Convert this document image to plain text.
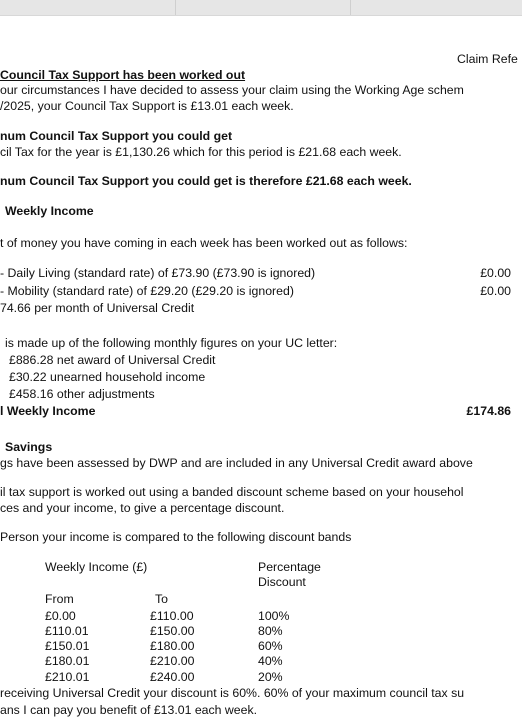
Claim Refe
Council Tax Support has been worked out
our circumstances I have decided to assess your claim using the Working Age schem
/2025, your Council Tax Support is £13.01 each week.
num Council Tax Support you could get
cil Tax for the year is £1,130.26 which for this period is £21.68 each week.
num Council Tax Support you could get is therefore £21.68 each week.
Weekly Income
t of money you have coming in each week has been worked out as follows:
- Daily Living (standard rate) of £73.90 (£73.90 is ignored)	£0.00
- Mobility (standard rate) of £29.20 (£29.20 is ignored)	£0.00
74.66 per month of Universal Credit
is made up of the following monthly figures on your UC letter:
£886.28 net award of Universal Credit
£30.22 unearned household income
£458.16 other adjustments
l Weekly Income	£174.86
Savings
gs have been assessed by DWP and are included in any Universal Credit award above
il tax support is worked out using a banded discount scheme based on your househol
ces and your income, to give a percentage discount.
Person your income is compared to the following discount bands
Weekly Income (£)	Percentage
Discount
From	To
£0.00	£110.00	100%
£110.01	£150.00	80%
£150.01	£180.00	60%
£180.01	£210.00	40%
£210.01	£240.00	20%
receiving Universal Credit your discount is 60%. 60% of your maximum council tax su
ans I can pay you benefit of £13.01 each week.
